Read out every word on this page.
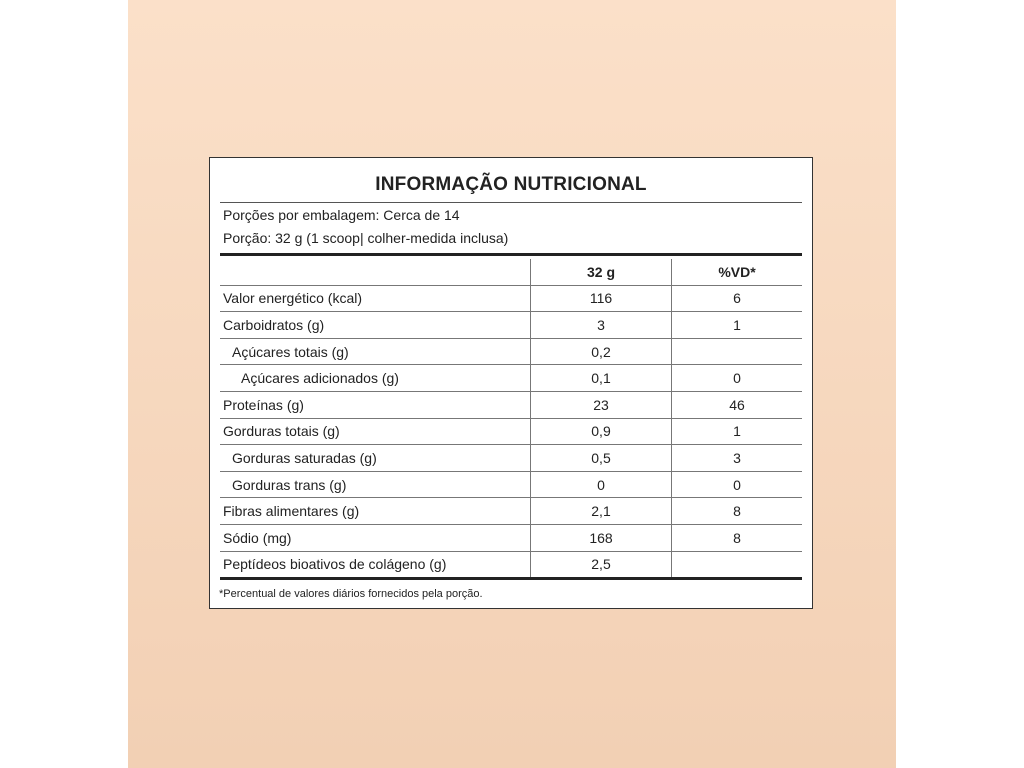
INFORMAÇÃO NUTRICIONAL
Porções por embalagem: Cerca de 14
Porção: 32 g (1 scoop| colher-medida inclusa)
	32 g	%VD*
Valor energético (kcal)	116	6
Carboidratos (g)	3	1
Açúcares totais (g)	0,2	
Açúcares adicionados (g)	0,1	0
Proteínas (g)	23	46
Gorduras totais (g)	0,9	1
Gorduras saturadas (g)	0,5	3
Gorduras trans (g)	0	0
Fibras alimentares (g)	2,1	8
Sódio (mg)	168	8
Peptídeos bioativos de colágeno (g)	2,5	
*Percentual de valores diários fornecidos pela porção.
